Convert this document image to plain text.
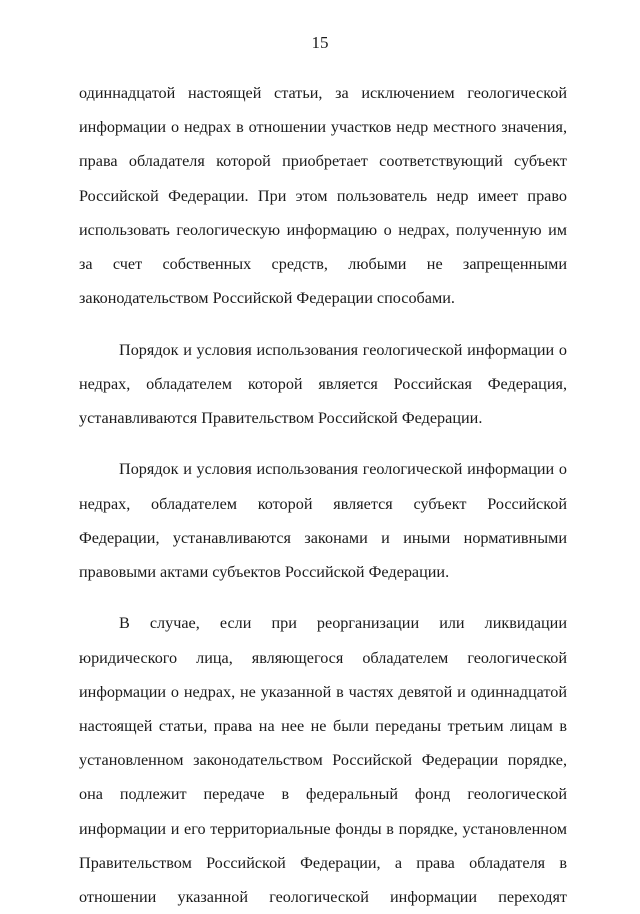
15

одиннадцатой настоящей статьи, за исключением геологической информации о недрах в отношении участков недр местного значения, права обладателя которой приобретает соответствующий субъект Российской Федерации. При этом пользователь недр имеет право использовать геологическую информацию о недрах, полученную им за счет собственных средств, любыми не запрещенными законодательством Российской Федерации способами.

Порядок и условия использования геологической информации о недрах, обладателем которой является Российская Федерация, устанавливаются Правительством Российской Федерации.

Порядок и условия использования геологической информации о недрах, обладателем которой является субъект Российской Федерации, устанавливаются законами и иными нормативными правовыми актами субъектов Российской Федерации.

В случае, если при реорганизации или ликвидации юридического лица, являющегося обладателем геологической информации о недрах, не указанной в частях девятой и одиннадцатой настоящей статьи, права на нее не были переданы третьим лицам в установленном законодательством Российской Федерации порядке, она подлежит передаче в федеральный фонд геологической информации и его территориальные фонды в порядке, установленном Правительством Российской Федерации, а права обладателя в отношении указанной геологической информации переходят
